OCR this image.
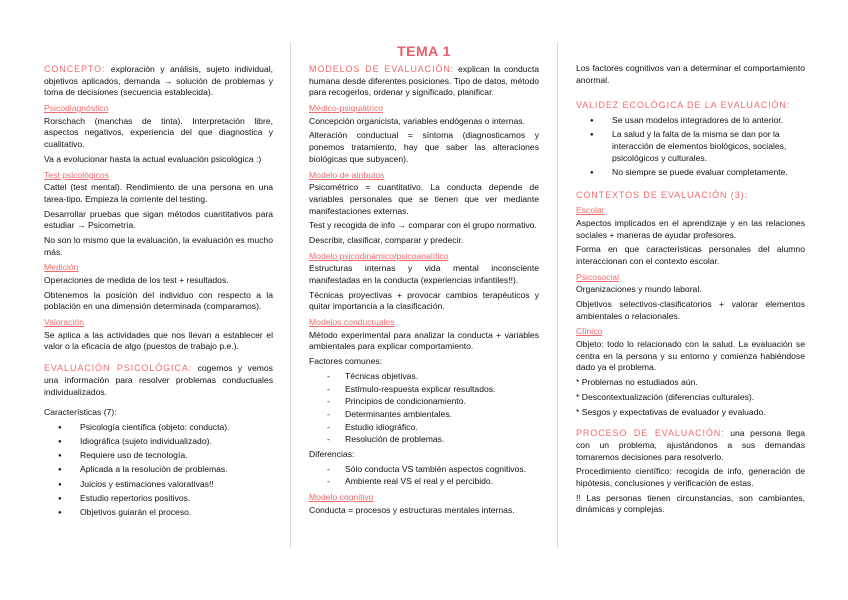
TEMA 1

CONCEPTO: exploración y análisis, sujeto individual, objetivos aplicados, demanda → solución de problemas y toma de decisiones (secuencia establecida).

Psicodiagnóstico

Rorschach (manchas de tinta). Interpretación libre, aspectos negativos, experiencia del que diagnostica y cualitativo.

Va a evolucionar hasta la actual evaluación psicológica :)

Test psicológicos

Cattel (test mental). Rendimiento de una persona en una tarea-tipo. Empieza la corriente del testing.

Desarrollar pruebas que sigan métodos cuantitativos para estudiar → Psicometría.

No son lo mismo que la evaluación, la evaluación es mucho más.

Medición

Operaciones de medida de los test + resultados.

Obtenemos la posición del individuo con respecto a la población en una dimensión determinada (comparamos).

Valoración

Se aplica a las actividades que nos llevan a establecer el valor o la eficacia de algo (puestos de trabajo p.e.).

EVALUACIÓN PSICOLÓGICA: cogemos y vemos una información para resolver problemas conductuales individualizados.

Características (7):

● Psicología científica (objeto: conducta).
● Idiográfica (sujeto individualizado).
● Requiere uso de tecnología.
● Aplicada a la resolución de problemas.
● Juicios y estimaciones valorativas!!
● Estudio repertorios positivos.
● Objetivos guiarán el proceso.

MODELOS DE EVALUACIÓN: explican la conducta humana desde diferentes posiciones. Tipo de datos, método para recogerlos, ordenar y significado, planificar.

Médico-psiquiátrico

Concepción organicista, variables endógenas o internas.

Alteración conductual = síntoma (diagnosticamos y ponemos tratamiento, hay que saber las alteraciones biológicas que subyacen).

Modelo de atributos

Psicométrico = cuantitativo. La conducta depende de variables personales que se tienen que ver mediante manifestaciones externas.

Test y recogida de info → comparar con el grupo normativo.

Describir, clasificar, comparar y predecir.

Modelo psicodinámico/psicoanalítico

Estructuras internas y vida mental inconsciente manifestadas en la conducta (experiencias infantiles!!).

Técnicas proyectivas + provocar cambios terapéuticos y quitar importancia a la clasificación.

Modelos conductuales

Método experimental para analizar la conducta + variables ambientales para explicar comportamiento.

Factores comunes:

- Técnicas objetivas.
- Estímulo-respuesta explicar resultados.
- Principios de condicionamiento.
- Determinantes ambientales.
- Estudio idiográfico.
- Resolución de problemas.

Diferencias:

- Sólo conducta VS también aspectos cognitivos.
- Ambiente real VS el real y el percibido.
Modelo cognitivo

Conducta = procesos y estructuras mentales internas.

Los factores cognitivos van a determinar el comportamiento anormal.

VALIDEZ ECOLÓGICA DE LA EVALUACIÓN:

● Se usan modelos integradores de lo anterior.
● La salud y la falta de la misma se dan por la interacción de elementos biológicos, sociales, psicológicos y culturales.
● No siempre se puede evaluar completamente.

CONTEXTOS DE EVALUACIÓN (3):

Escolar

Aspectos implicados en el aprendizaje y en las relaciones sociales + maneras de ayudar profesores.

Forma en que características personales del alumno interaccionan con el contexto escolar.

Psicosocial

Organizaciones y mundo laboral.

Objetivos selectivos-clasificatorios + valorar elementos ambientales o relacionales.

Clínico

Objeto: todo lo relacionado con la salud. La evaluación se centra en la persona y su entorno y comienza habiéndose dado ya el problema.

* Problemas no estudiados aún.

* Descontextualización (diferencias culturales).

* Sesgos y expectativas de evaluador y evaluado.

PROCESO DE EVALUACIÓN: una persona llega con un problema, ajustándonos a sus demandas tomaremos decisiones para resolverlo.

Procedimiento científico: recogida de info, generación de hipótesis, conclusiones y verificación de estas.

!! Las personas tienen circunstancias, son cambiantes, dinámicas y complejas.
